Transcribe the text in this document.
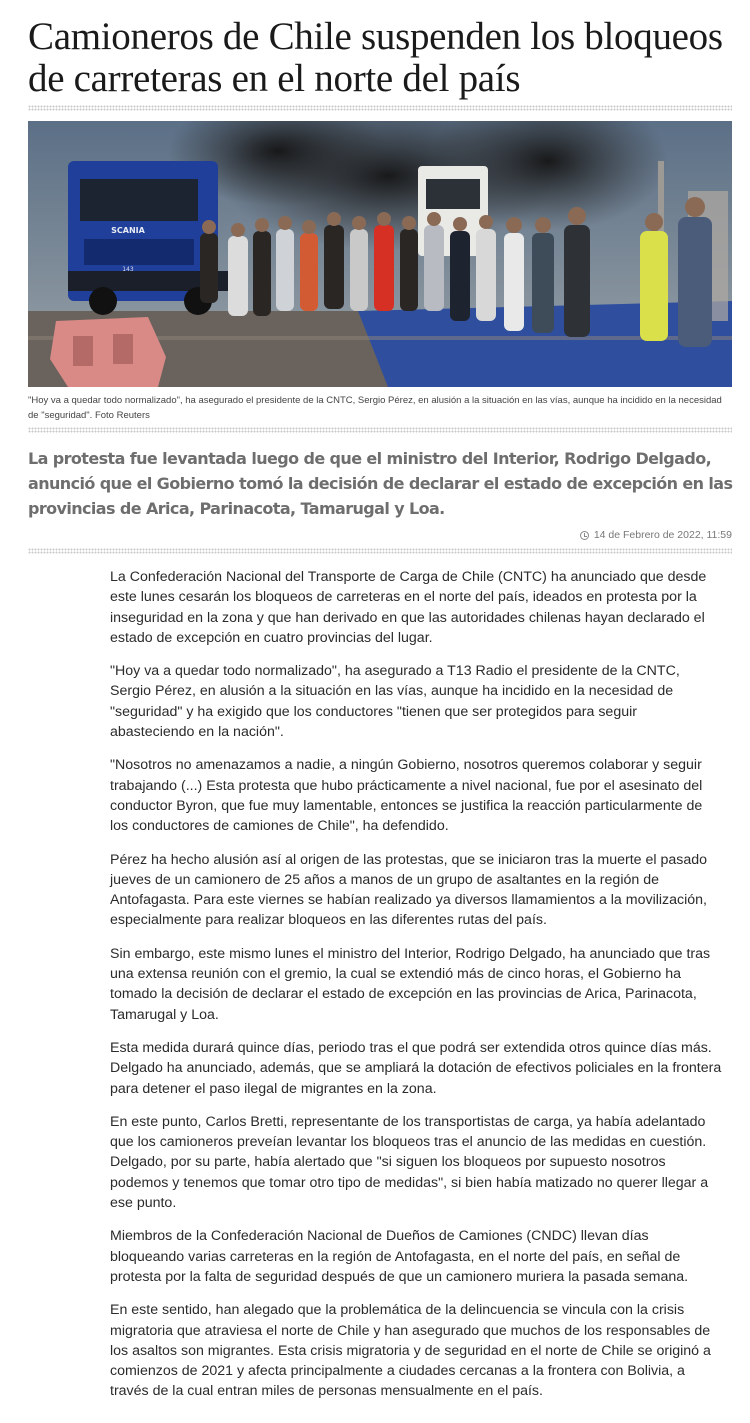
Camioneros de Chile suspenden los bloqueos de carreteras en el norte del país
SCANIA
143

"Hoy va a quedar todo normalizado", ha asegurado el presidente de la CNTC, Sergio Pérez, en alusión a la situación en las vías, aunque ha incidido en la necesidad de "seguridad". Foto Reuters

La protesta fue levantada luego de que el ministro del Interior, Rodrigo Delgado, anunció que el Gobierno tomó la decisión de declarar el estado de excepción en las provincias de Arica, Parinacota, Tamarugal y Loa.

14 de Febrero de 2022, 11:59

La Confederación Nacional del Transporte de Carga de Chile (CNTC) ha anunciado que desde este lunes cesarán los bloqueos de carreteras en el norte del país, ideados en protesta por la inseguridad en la zona y que han derivado en que las autoridades chilenas hayan declarado el estado de excepción en cuatro provincias del lugar.

"Hoy va a quedar todo normalizado", ha asegurado a T13 Radio el presidente de la CNTC, Sergio Pérez, en alusión a la situación en las vías, aunque ha incidido en la necesidad de "seguridad" y ha exigido que los conductores "tienen que ser protegidos para seguir abasteciendo en la nación".

"Nosotros no amenazamos a nadie, a ningún Gobierno, nosotros queremos colaborar y seguir trabajando (...) Esta protesta que hubo prácticamente a nivel nacional, fue por el asesinato del conductor Byron, que fue muy lamentable, entonces se justifica la reacción particularmente de los conductores de camiones de Chile", ha defendido.

Pérez ha hecho alusión así al origen de las protestas, que se iniciaron tras la muerte el pasado jueves de un camionero de 25 años a manos de un grupo de asaltantes en la región de Antofagasta. Para este viernes se habían realizado ya diversos llamamientos a la movilización, especialmente para realizar bloqueos en las diferentes rutas del país.

Sin embargo, este mismo lunes el ministro del Interior, Rodrigo Delgado, ha anunciado que tras una extensa reunión con el gremio, la cual se extendió más de cinco horas, el Gobierno ha tomado la decisión de declarar el estado de excepción en las provincias de Arica, Parinacota, Tamarugal y Loa.

Esta medida durará quince días, periodo tras el que podrá ser extendida otros quince días más. Delgado ha anunciado, además, que se ampliará la dotación de efectivos policiales en la frontera para detener el paso ilegal de migrantes en la zona.

En este punto, Carlos Bretti, representante de los transportistas de carga, ya había adelantado que los camioneros preveían levantar los bloqueos tras el anuncio de las medidas en cuestión. Delgado, por su parte, había alertado que "si siguen los bloqueos por supuesto nosotros podemos y tenemos que tomar otro tipo de medidas", si bien había matizado no querer llegar a ese punto.

Miembros de la Confederación Nacional de Dueños de Camiones (CNDC) llevan días bloqueando varias carreteras en la región de Antofagasta, en el norte del país, en señal de protesta por la falta de seguridad después de que un camionero muriera la pasada semana.

En este sentido, han alegado que la problemática de la delincuencia se vincula con la crisis migratoria que atraviesa el norte de Chile y han asegurado que muchos de los responsables de los asaltos son migrantes. Esta crisis migratoria y de seguridad en el norte de Chile se originó a comienzos de 2021 y afecta principalmente a ciudades cercanas a la frontera con Bolivia, a través de la cual entran miles de personas mensualmente en el país.
